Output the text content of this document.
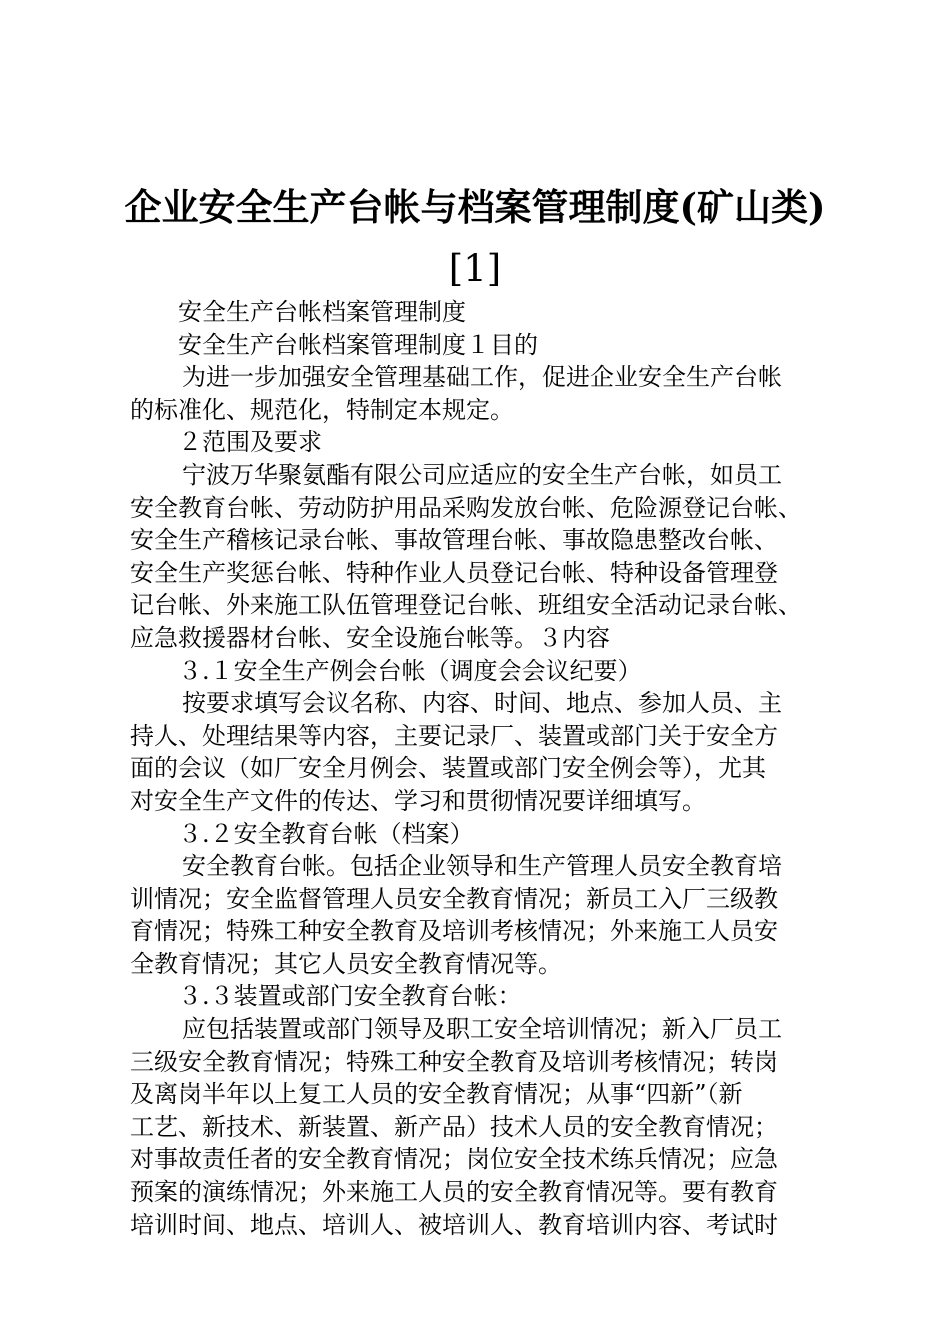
企业安全生产台帐与档案管理制度(矿山类)
[1]

安全生产台帐档案管理制度

安全生产台帐档案管理制度１目的

为进一步加强安全管理基础工作，促进企业安全生产台帐

的标准化、规范化，特制定本规定。

２范围及要求

宁波万华聚氨酯有限公司应适应的安全生产台帐，如员工

安全教育台帐、劳动防护用品采购发放台帐、危险源登记台帐、

安全生产稽核记录台帐、事故管理台帐、事故隐患整改台帐、

安全生产奖惩台帐、特种作业人员登记台帐、特种设备管理登

记台帐、外来施工队伍管理登记台帐、班组安全活动记录台帐、

应急救援器材台帐、安全设施台帐等。３内容

３.１安全生产例会台帐（调度会会议纪要）

按要求填写会议名称、内容、时间、地点、参加人员、主

持人、处理结果等内容，主要记录厂、装置或部门关于安全方

面的会议（如厂安全月例会、装置或部门安全例会等），尤其

对安全生产文件的传达、学习和贯彻情况要详细填写。

３.２安全教育台帐（档案）

安全教育台帐。包括企业领导和生产管理人员安全教育培

训情况；安全监督管理人员安全教育情况；新员工入厂三级教

育情况；特殊工种安全教育及培训考核情况；外来施工人员安

全教育情况；其它人员安全教育情况等。

３.３装置或部门安全教育台帐：

应包括装置或部门领导及职工安全培训情况；新入厂员工

三级安全教育情况；特殊工种安全教育及培训考核情况；转岗

及离岗半年以上复工人员的安全教育情况；从事“四新”（新

工艺、新技术、新装置、新产品）技术人员的安全教育情况；

对事故责任者的安全教育情况；岗位安全技术练兵情况；应急

预案的演练情况；外来施工人员的安全教育情况等。要有教育

培训时间、地点、培训人、被培训人、教育培训内容、考试时
